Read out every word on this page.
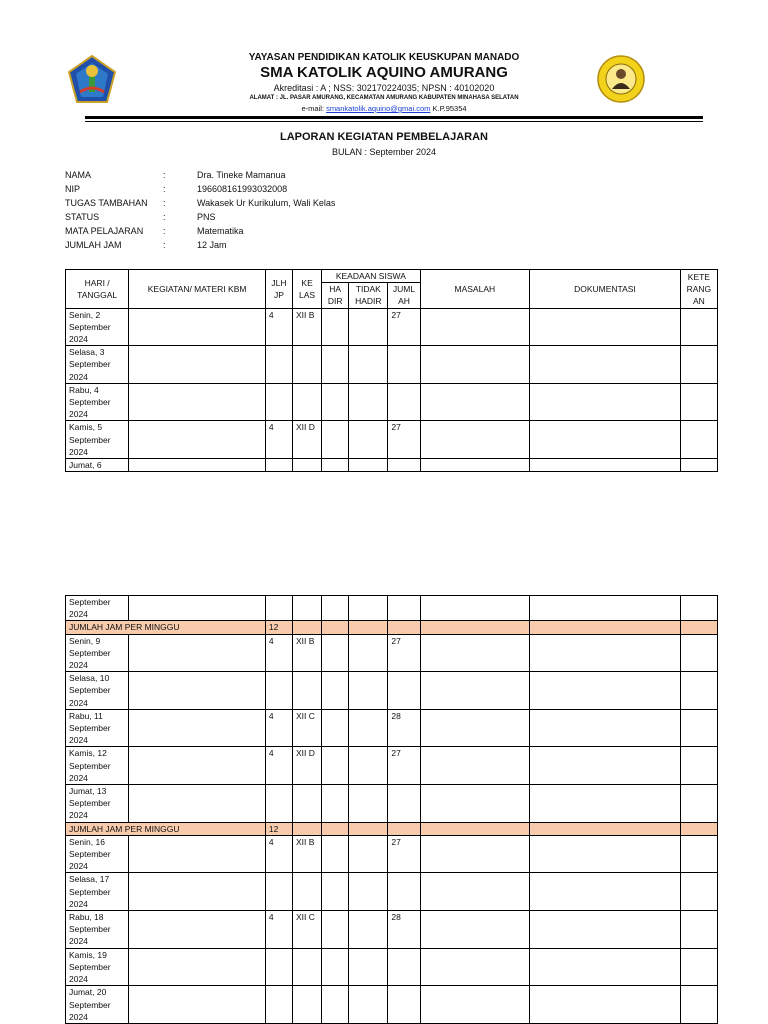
YAYASAN PENDIDIKAN KATOLIK KEUSKUPAN MANADO
SMA KATOLIK AQUINO AMURANG
Akreditasi : A ; NSS: 302170224035; NPSN : 40102020
ALAMAT : JL. PASAR AMURANG, KECAMATAN AMURANG KABUPATEN MINAHASA SELATAN
e-mail: smankatolik.aquino@gmai.com K.P.95354
LAPORAN KEGIATAN PEMBELAJARAN
BULAN : September 2024
NAMA	:	Dra. Tineke Mamanua
NIP	:	196608161993032008
TUGAS TAMBAHAN :	Wakasek Ur Kurikulum, Wali Kelas
STATUS	:	PNS
MATA PELAJARAN :	Matematika
JUMLAH JAM	:	12 Jam
HARI / TANGGAL	KEGIATAN/ MATERI KBM	JLH JP	KE LAS	KEADAAN SISWA			MASALAH	DOKUMENTASI	KETE RANG AN
				HA DIR	TIDAK HADIR	JUML AH			
Senin, 2 September 2024		4	XII B			27			
Selasa, 3 September 2024									
Rabu, 4 September 2024									
Kamis, 5 September 2024		4	XII D			27			
Jumat, 6									
September 2024									
JUMLAH JAM PER MINGGU		12							
Senin, 9 September 2024		4	XII B			27			
Selasa, 10 September 2024									
Rabu, 11 September 2024		4	XII C			28			
Kamis, 12 September 2024		4	XII D			27			
Jumat, 13 September 2024									
JUMLAH JAM PER MINGGU		12							
Senin, 16 September 2024		4	XII B			27			
Selasa, 17 September 2024									
Rabu, 18 September 2024		4	XII C			28			
Kamis, 19 September 2024									
Jumat, 20 September 2024									
